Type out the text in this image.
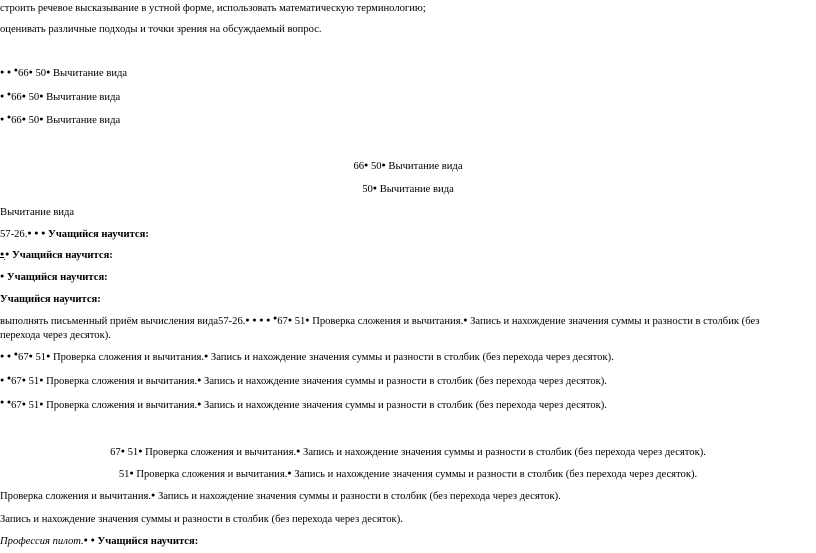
строить речевое высказывание в устной форме, использовать математическую терминологию;
оценивать различные подходы и точки зрения на обсуждаемый вопрос.
● ● ●66● 50● Вычитание вида
● ●66● 50● Вычитание вида
● ●66● 50● Вычитание вида
66● 50● Вычитание вида
50● Вычитание вида
Вычитание вида
57-26.● ● ● Учащийся научится:
● ● Учащийся научится:
● Учащийся научится:
Учащийся научится:
выполнять письменный приём вычисления вида57-26.● ● ● ● ●67● 51● Проверка сложения и вычитания.● Запись и нахождение значения суммы и разности в столбик (без
перехода через десяток).
● ● ●67● 51● Проверка сложения и вычитания.● Запись и нахождение значения суммы и разности в столбик (без перехода через десяток).
● ●67● 51● Проверка сложения и вычитания.● Запись и нахождение значения суммы и разности в столбик (без перехода через десяток).
● ●67● 51● Проверка сложения и вычитания.● Запись и нахождение значения суммы и разности в столбик (без перехода через десяток).
67● 51● Проверка сложения и вычитания.● Запись и нахождение значения суммы и разности в столбик (без перехода через десяток).
51● Проверка сложения и вычитания.● Запись и нахождение значения суммы и разности в столбик (без перехода через десяток).
Проверка сложения и вычитания.● Запись и нахождение значения суммы и разности в столбик (без перехода через десяток).
Запись и нахождение значения суммы и разности в столбик (без перехода через десяток).
Профессия пилот.● ● Учащийся научится:
